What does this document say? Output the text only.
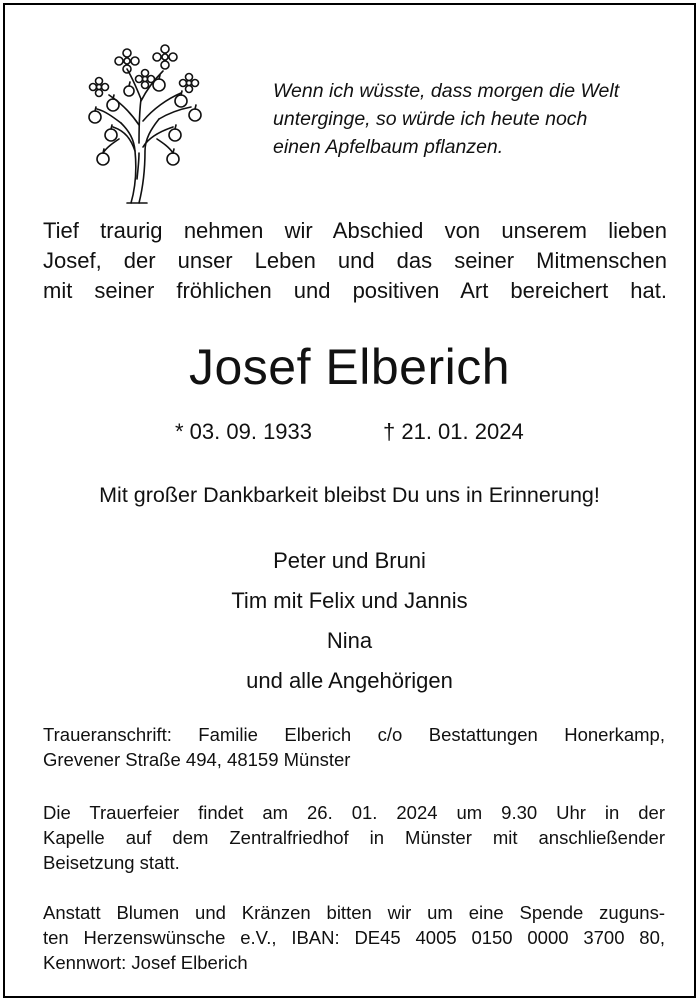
Wenn ich wüsste, dass morgen die Welt
unterginge, so würde ich heute noch
einen Apfelbaum pflanzen.
Tief traurig nehmen wir Abschied von unserem lieben
Josef, der unser Leben und das seiner Mitmenschen
mit seiner fröhlichen und positiven Art bereichert hat.
Josef Elberich
* 03. 09. 1933	† 21. 01. 2024
Mit großer Dankbarkeit bleibst Du uns in Erinnerung!
Peter und Bruni
Tim mit Felix und Jannis
Nina
und alle Angehörigen
Traueranschrift: Familie Elberich c/o Bestattungen Honerkamp,
Grevener Straße 494, 48159 Münster
Die Trauerfeier findet am 26. 01. 2024 um 9.30 Uhr in der
Kapelle auf dem Zentralfriedhof in Münster mit anschließender
Beisetzung statt.
Anstatt Blumen und Kränzen bitten wir um eine Spende zuguns-
ten Herzenswünsche e.V., IBAN: DE45 4005 0150 0000 3700 80,
Kennwort: Josef Elberich
